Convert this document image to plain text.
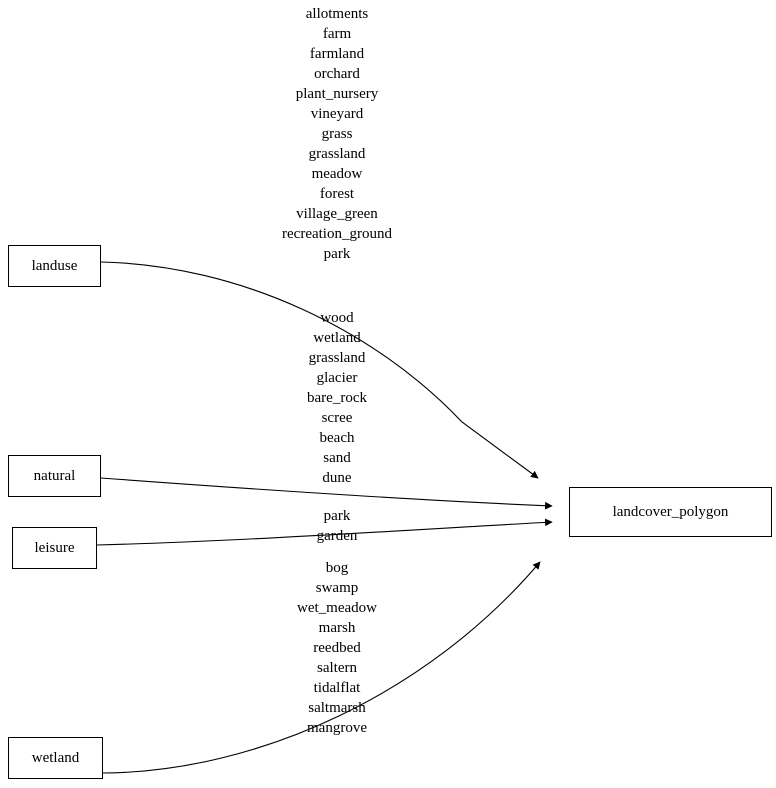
landuse
natural
leisure
wetland
landcover_polygon
allotments
farm
farmland
orchard
plant_nursery
vineyard
grass
grassland
meadow
forest
village_green
recreation_ground
park
wood
wetland
grassland
glacier
bare_rock
scree
beach
sand
dune
park
garden
bog
swamp
wet_meadow
marsh
reedbed
saltern
tidalflat
saltmarsh
mangrove
